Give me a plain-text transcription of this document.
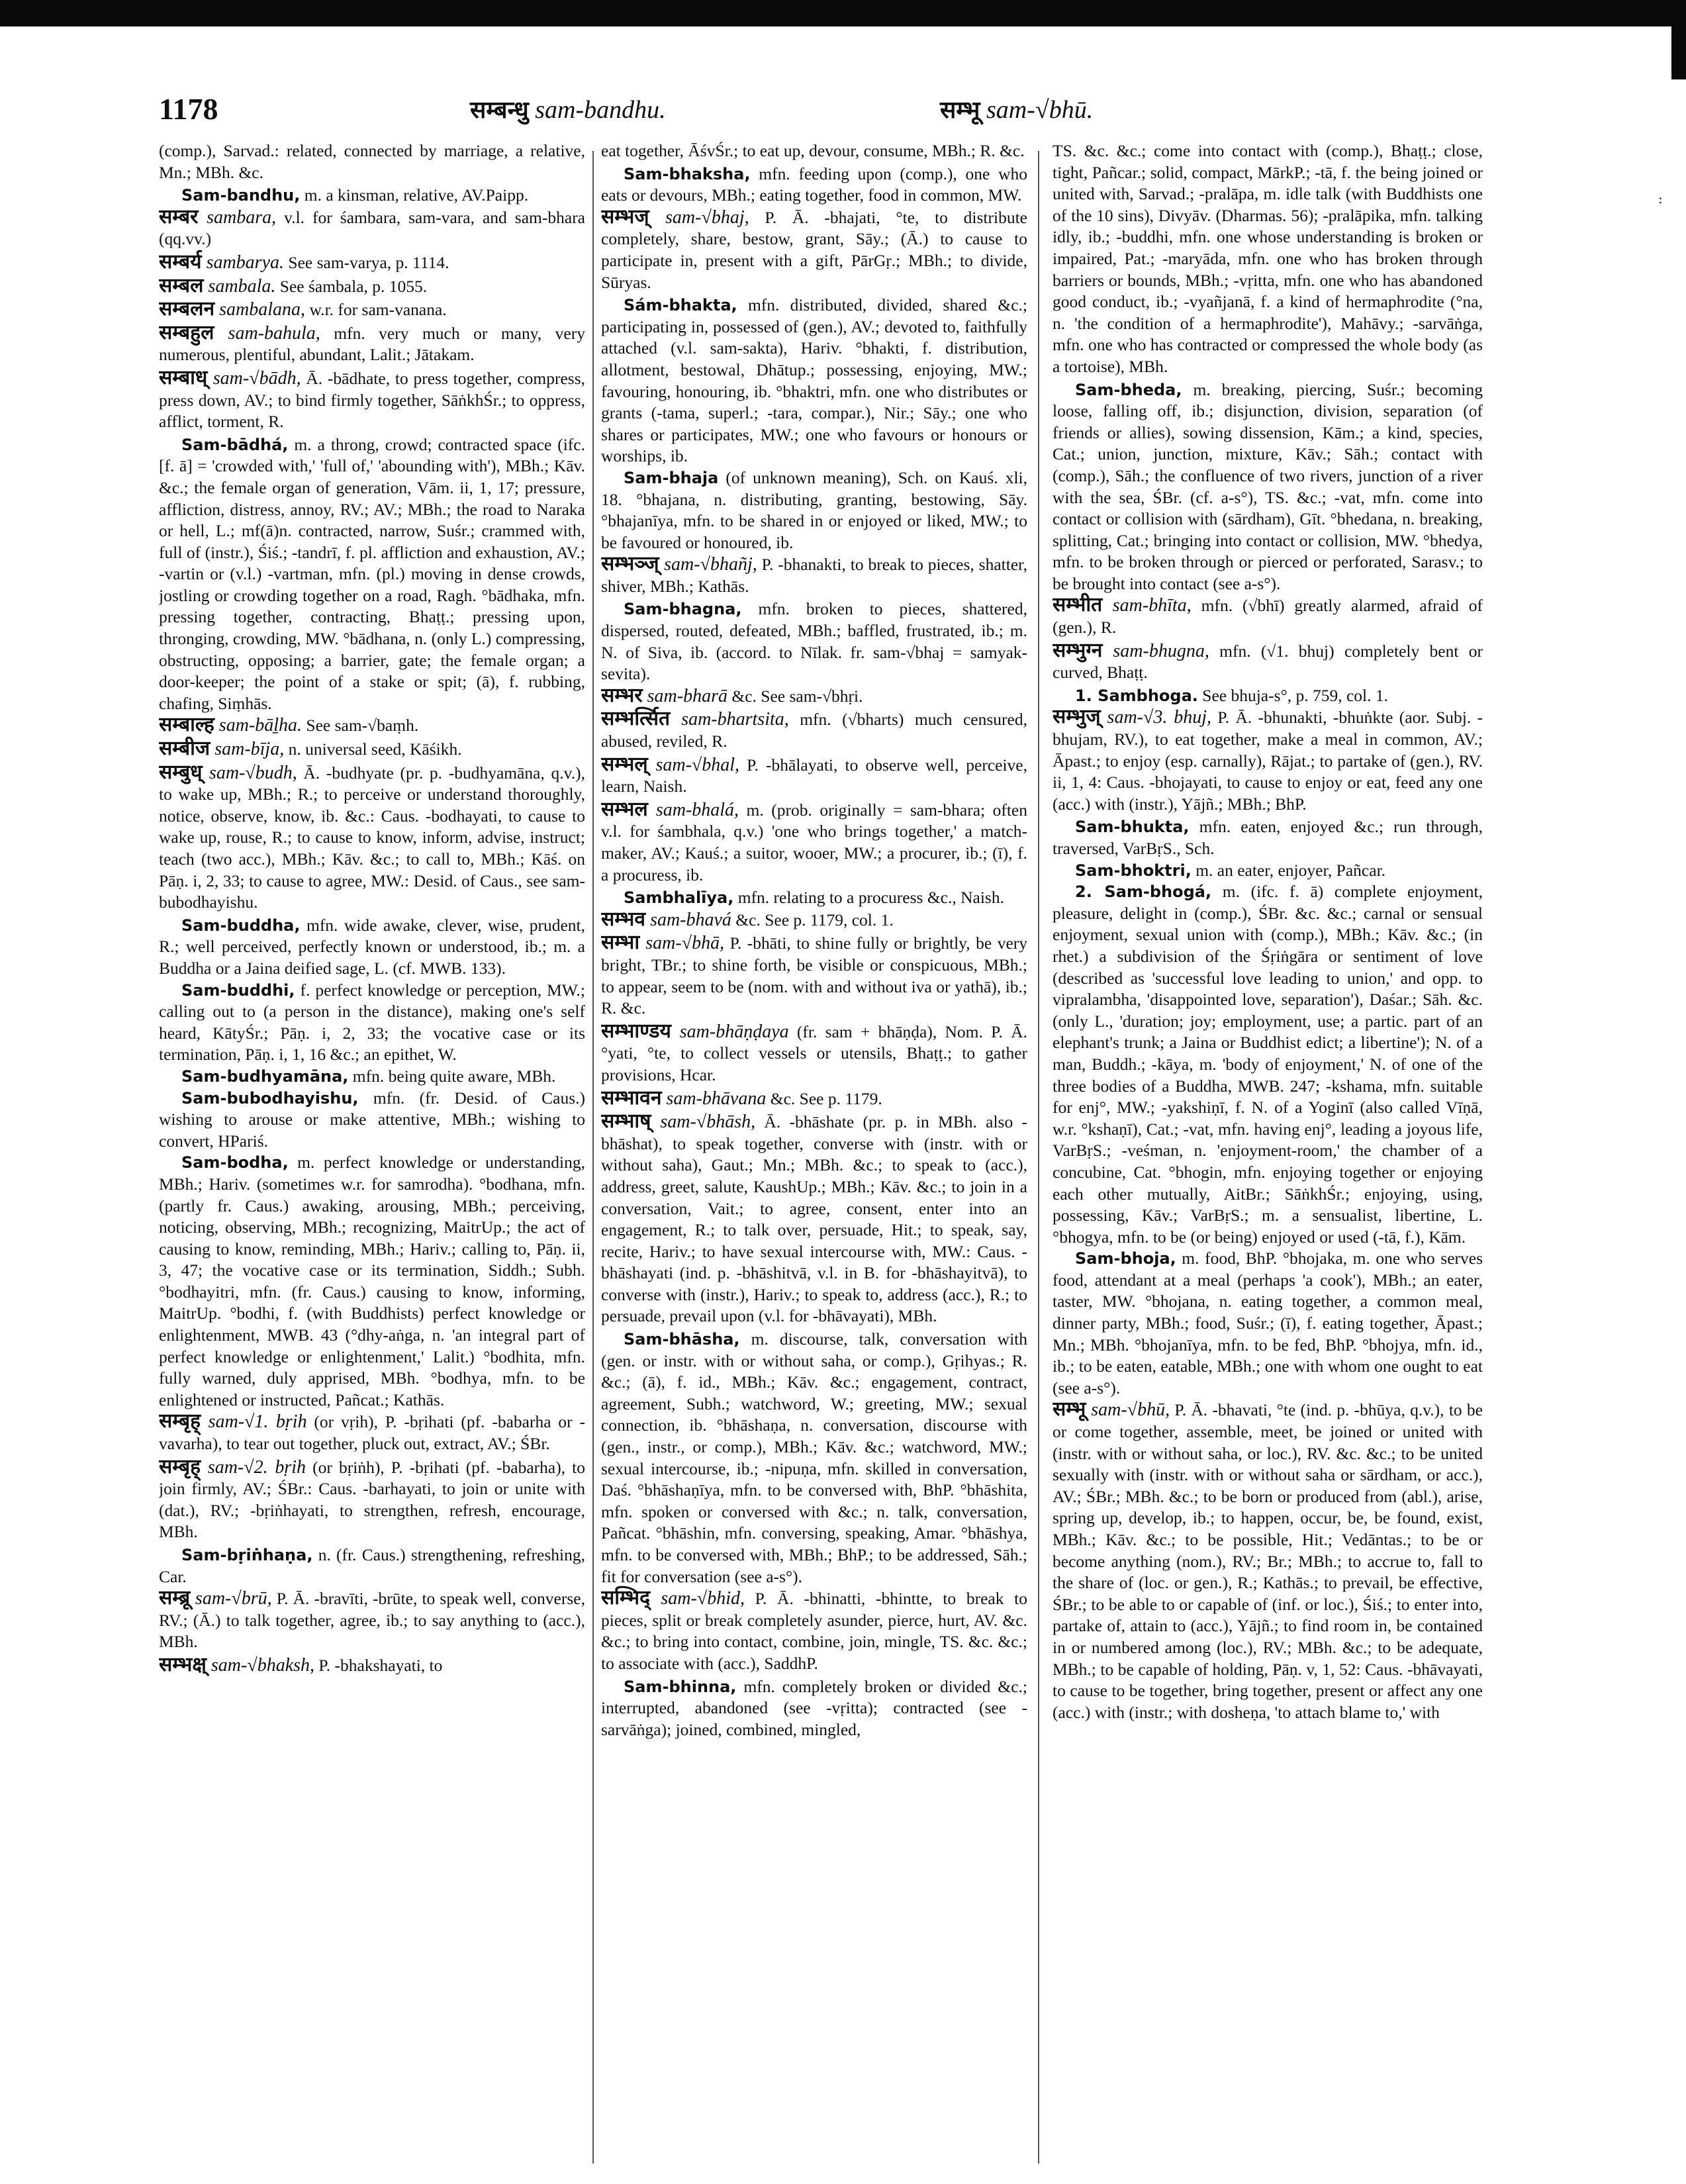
:
1178	सम्बन्धु sam-bandhu.	सम्भू sam-√bhū.

(comp.), Sarvad.: related, connected by marriage, a relative, Mn.; MBh. &c.

Sam-bandhu, m. a kinsman, relative, AV.Paipp.

सम्बर sambara, v.l. for śambara, sam-vara, and sam-bhara (qq.vv.)

सम्बर्य sambarya. See sam-varya, p. 1114.

सम्बल sambala. See śambala, p. 1055.

सम्बलन sambalana, w.r. for sam-vanana.

सम्बहुल sam-bahula, mfn. very much or many, very numerous, plentiful, abundant, Lalit.; Jātakam.

सम्बाध् sam-√bādh, Ā. -bādhate, to press together, compress, press down, AV.; to bind firmly together, SāṅkhŚr.; to oppress, afflict, torment, R.

Sam-bādhá, m. a throng, crowd; contracted space (ifc. [f. ā] = 'crowded with,' 'full of,' 'abounding with'), MBh.; Kāv. &c.; the female organ of generation, Vām. ii, 1, 17; pressure, affliction, distress, annoy, RV.; AV.; MBh.; the road to Naraka or hell, L.; mf(ā)n. contracted, narrow, Suśr.; crammed with, full of (instr.), Śiś.; -tandrī, f. pl. affliction and exhaustion, AV.; -vartin or (v.l.) -vartman, mfn. (pl.) moving in dense crowds, jostling or crowding together on a road, Ragh. °bādhaka, mfn. pressing together, contracting, Bhaṭṭ.; pressing upon, thronging, crowding, MW. °bādhana, n. (only L.) compressing, obstructing, opposing; a barrier, gate; the female organ; a door-keeper; the point of a stake or spit; (ā), f. rubbing, chafing, Siṃhās.

सम्बाल्ह sam-bāḻha. See sam-√baṃh.

सम्बीज sam-bīja, n. universal seed, Kāśikh.

सम्बुध् sam-√budh, Ā. -budhyate (pr. p. -budhyamāna, q.v.), to wake up, MBh.; R.; to perceive or understand thoroughly, notice, observe, know, ib. &c.: Caus. -bodhayati, to cause to wake up, rouse, R.; to cause to know, inform, advise, instruct; teach (two acc.), MBh.; Kāv. &c.; to call to, MBh.; Kāś. on Pāṇ. i, 2, 33; to cause to agree, MW.: Desid. of Caus., see sam-bubodhayishu.

Sam-buddha, mfn. wide awake, clever, wise, prudent, R.; well perceived, perfectly known or understood, ib.; m. a Buddha or a Jaina deified sage, L. (cf. MWB. 133).

Sam-buddhi, f. perfect knowledge or perception, MW.; calling out to (a person in the distance), making one's self heard, KātyŚr.; Pāṇ. i, 2, 33; the vocative case or its termination, Pāṇ. i, 1, 16 &c.; an epithet, W.

Sam-budhyamāna, mfn. being quite aware, MBh.

Sam-bubodhayishu, mfn. (fr. Desid. of Caus.) wishing to arouse or make attentive, MBh.; wishing to convert, HPariś.

Sam-bodha, m. perfect knowledge or understanding, MBh.; Hariv. (sometimes w.r. for samrodha). °bodhana, mfn. (partly fr. Caus.) awaking, arousing, MBh.; perceiving, noticing, observing, MBh.; recognizing, MaitrUp.; the act of causing to know, reminding, MBh.; Hariv.; calling to, Pāṇ. ii, 3, 47; the vocative case or its termination, Siddh.; Subh. °bodhayitri, mfn. (fr. Caus.) causing to know, informing, MaitrUp. °bodhi, f. (with Buddhists) perfect knowledge or enlightenment, MWB. 43 (°dhy-aṅga, n. 'an integral part of perfect knowledge or enlightenment,' Lalit.) °bodhita, mfn. fully warned, duly apprised, MBh. °bodhya, mfn. to be enlightened or instructed, Pañcat.; Kathās.

सम्बृह् sam-√1. bṛih (or vṛih), P. -bṛihati (pf. -babarha or -vavarha), to tear out together, pluck out, extract, AV.; ŚBr.

सम्बृह् sam-√2. bṛih (or bṛiṅh), P. -bṛihati (pf. -babarha), to join firmly, AV.; ŚBr.: Caus. -barhayati, to join or unite with (dat.), RV.; -bṛiṅhayati, to strengthen, refresh, encourage, MBh.

Sam-bṛiṅhaṇa, n. (fr. Caus.) strengthening, refreshing, Car.

सम्ब्रू sam-√brū, P. Ā. -bravīti, -brūte, to speak well, converse, RV.; (Ā.) to talk together, agree, ib.; to say anything to (acc.), MBh.

सम्भक्ष् sam-√bhaksh, P. -bhakshayati, to

eat together, ĀśvŚr.; to eat up, devour, consume, MBh.; R. &c.

Sam-bhaksha, mfn. feeding upon (comp.), one who eats or devours, MBh.; eating together, food in common, MW.

सम्भज् sam-√bhaj, P. Ā. -bhajati, °te, to distribute completely, share, bestow, grant, Sāy.; (Ā.) to cause to participate in, present with a gift, PārGṛ.; MBh.; to divide, Sūryas.

Sám-bhakta, mfn. distributed, divided, shared &c.; participating in, possessed of (gen.), AV.; devoted to, faithfully attached (v.l. sam-sakta), Hariv. °bhakti, f. distribution, allotment, bestowal, Dhātup.; possessing, enjoying, MW.; favouring, honouring, ib. °bhaktri, mfn. one who distributes or grants (-tama, superl.; -tara, compar.), Nir.; Sāy.; one who shares or participates, MW.; one who favours or honours or worships, ib.

Sam-bhaja (of unknown meaning), Sch. on Kauś. xli, 18. °bhajana, n. distributing, granting, bestowing, Sāy. °bhajanīya, mfn. to be shared in or enjoyed or liked, MW.; to be favoured or honoured, ib.

सम्भञ्ज् sam-√bhañj, P. -bhanakti, to break to pieces, shatter, shiver, MBh.; Kathās.

Sam-bhagna, mfn. broken to pieces, shattered, dispersed, routed, defeated, MBh.; baffled, frustrated, ib.; m. N. of Siva, ib. (accord. to Nīlak. fr. sam-√bhaj = samyak-sevita).

सम्भर sam-bharā &c. See sam-√bhṛi.

सम्भर्त्सित sam-bhartsita, mfn. (√bharts) much censured, abused, reviled, R.

सम्भल् sam-√bhal, P. -bhālayati, to observe well, perceive, learn, Naish.

सम्भल sam-bhalá, m. (prob. originally = sam-bhara; often v.l. for śambhala, q.v.) 'one who brings together,' a match-maker, AV.; Kauś.; a suitor, wooer, MW.; a procurer, ib.; (ī), f. a procuress, ib.

Sambhalīya, mfn. relating to a procuress &c., Naish.

सम्भव sam-bhavá &c. See p. 1179, col. 1.

सम्भा sam-√bhā, P. -bhāti, to shine fully or brightly, be very bright, TBr.; to shine forth, be visible or conspicuous, MBh.; to appear, seem to be (nom. with and without iva or yathā), ib.; R. &c.

सम्भाण्डय sam-bhāṇḍaya (fr. sam + bhāṇḍa), Nom. P. Ā. °yati, °te, to collect vessels or utensils, Bhaṭṭ.; to gather provisions, Hcar.

सम्भावन sam-bhāvana &c. See p. 1179.

सम्भाष् sam-√bhāsh, Ā. -bhāshate (pr. p. in MBh. also -bhāshat), to speak together, converse with (instr. with or without saha), Gaut.; Mn.; MBh. &c.; to speak to (acc.), address, greet, salute, KaushUp.; MBh.; Kāv. &c.; to join in a conversation, Vait.; to agree, consent, enter into an engagement, R.; to talk over, persuade, Hit.; to speak, say, recite, Hariv.; to have sexual intercourse with, MW.: Caus. -bhāshayati (ind. p. -bhāshitvā, v.l. in B. for -bhāshayitvā), to converse with (instr.), Hariv.; to speak to, address (acc.), R.; to persuade, prevail upon (v.l. for -bhāvayati), MBh.

Sam-bhāsha, m. discourse, talk, conversation with (gen. or instr. with or without saha, or comp.), Gṛihyas.; R. &c.; (ā), f. id., MBh.; Kāv. &c.; engagement, contract, agreement, Subh.; watchword, W.; greeting, MW.; sexual connection, ib. °bhāshaṇa, n. conversation, discourse with (gen., instr., or comp.), MBh.; Kāv. &c.; watchword, MW.; sexual intercourse, ib.; -nipuṇa, mfn. skilled in conversation, Daś. °bhāshaṇīya, mfn. to be conversed with, BhP. °bhāshita, mfn. spoken or conversed with &c.; n. talk, conversation, Pañcat. °bhāshin, mfn. conversing, speaking, Amar. °bhāshya, mfn. to be conversed with, MBh.; BhP.; to be addressed, Sāh.; fit for conversation (see a-s°).

सम्भिद् sam-√bhid, P. Ā. -bhinatti, -bhintte, to break to pieces, split or break completely asunder, pierce, hurt, AV. &c. &c.; to bring into contact, combine, join, mingle, TS. &c. &c.; to associate with (acc.), SaddhP.

Sam-bhinna, mfn. completely broken or divided &c.; interrupted, abandoned (see -vṛitta); contracted (see -sarvāṅga); joined, combined, mingled,

TS. &c. &c.; come into contact with (comp.), Bhaṭṭ.; close, tight, Pañcar.; solid, compact, MārkP.; -tā, f. the being joined or united with, Sarvad.; -pralāpa, m. idle talk (with Buddhists one of the 10 sins), Divyāv. (Dharmas. 56); -pralāpika, mfn. talking idly, ib.; -buddhi, mfn. one whose understanding is broken or impaired, Pat.; -maryāda, mfn. one who has broken through barriers or bounds, MBh.; -vṛitta, mfn. one who has abandoned good conduct, ib.; -vyañjanā, f. a kind of hermaphrodite (°na, n. 'the condition of a hermaphrodite'), Mahāvy.; -sarvāṅga, mfn. one who has contracted or compressed the whole body (as a tortoise), MBh.

Sam-bheda, m. breaking, piercing, Suśr.; becoming loose, falling off, ib.; disjunction, division, separation (of friends or allies), sowing dissension, Kām.; a kind, species, Cat.; union, junction, mixture, Kāv.; Sāh.; contact with (comp.), Sāh.; the confluence of two rivers, junction of a river with the sea, ŚBr. (cf. a-s°), TS. &c.; -vat, mfn. come into contact or collision with (sārdham), Gīt. °bhedana, n. breaking, splitting, Cat.; bringing into contact or collision, MW. °bhedya, mfn. to be broken through or pierced or perforated, Sarasv.; to be brought into contact (see a-s°).

सम्भीत sam-bhīta, mfn. (√bhī) greatly alarmed, afraid of (gen.), R.

सम्भुग्न sam-bhugna, mfn. (√1. bhuj) completely bent or curved, Bhaṭṭ.

1. Sambhoga. See bhuja-s°, p. 759, col. 1.

सम्भुज् sam-√3. bhuj, P. Ā. -bhunakti, -bhuṅkte (aor. Subj. -bhujam, RV.), to eat together, make a meal in common, AV.; Āpast.; to enjoy (esp. carnally), Rājat.; to partake of (gen.), RV. ii, 1, 4: Caus. -bhojayati, to cause to enjoy or eat, feed any one (acc.) with (instr.), Yājñ.; MBh.; BhP.

Sam-bhukta, mfn. eaten, enjoyed &c.; run through, traversed, VarBṛS., Sch.

Sam-bhoktri, m. an eater, enjoyer, Pañcar.

2. Sam-bhogá, m. (ifc. f. ā) complete enjoyment, pleasure, delight in (comp.), ŚBr. &c. &c.; carnal or sensual enjoyment, sexual union with (comp.), MBh.; Kāv. &c.; (in rhet.) a subdivision of the Śṛiṅgāra or sentiment of love (described as 'successful love leading to union,' and opp. to vipralambha, 'disappointed love, separation'), Daśar.; Sāh. &c. (only L., 'duration; joy; employment, use; a partic. part of an elephant's trunk; a Jaina or Buddhist edict; a libertine'); N. of a man, Buddh.; -kāya, m. 'body of enjoyment,' N. of one of the three bodies of a Buddha, MWB. 247; -kshama, mfn. suitable for enj°, MW.; -yakshiṇī, f. N. of a Yoginī (also called Vīṇā, w.r. °kshaṇī), Cat.; -vat, mfn. having enj°, leading a joyous life, VarBṛS.; -veśman, n. 'enjoyment-room,' the chamber of a concubine, Cat. °bhogin, mfn. enjoying together or enjoying each other mutually, AitBr.; SāṅkhŚr.; enjoying, using, possessing, Kāv.; VarBṛS.; m. a sensualist, libertine, L. °bhogya, mfn. to be (or being) enjoyed or used (-tā, f.), Kām.

Sam-bhoja, m. food, BhP. °bhojaka, m. one who serves food, attendant at a meal (perhaps 'a cook'), MBh.; an eater, taster, MW. °bhojana, n. eating together, a common meal, dinner party, MBh.; food, Suśr.; (ī), f. eating together, Āpast.; Mn.; MBh. °bhojanīya, mfn. to be fed, BhP. °bhojya, mfn. id., ib.; to be eaten, eatable, MBh.; one with whom one ought to eat (see a-s°).

सम्भू sam-√bhū, P. Ā. -bhavati, °te (ind. p. -bhūya, q.v.), to be or come together, assemble, meet, be joined or united with (instr. with or without saha, or loc.), RV. &c. &c.; to be united sexually with (instr. with or without saha or sārdham, or acc.), AV.; ŚBr.; MBh. &c.; to be born or produced from (abl.), arise, spring up, develop, ib.; to happen, occur, be, be found, exist, MBh.; Kāv. &c.; to be possible, Hit.; Vedāntas.; to be or become anything (nom.), RV.; Br.; MBh.; to accrue to, fall to the share of (loc. or gen.), R.; Kathās.; to prevail, be effective, ŚBr.; to be able to or capable of (inf. or loc.), Śiś.; to enter into, partake of, attain to (acc.), Yājñ.; to find room in, be contained in or numbered among (loc.), RV.; MBh. &c.; to be adequate, MBh.; to be capable of holding, Pāṇ. v, 1, 52: Caus. -bhāvayati, to cause to be together, bring together, present or affect any one (acc.) with (instr.; with dosheṇa, 'to attach blame to,' with
